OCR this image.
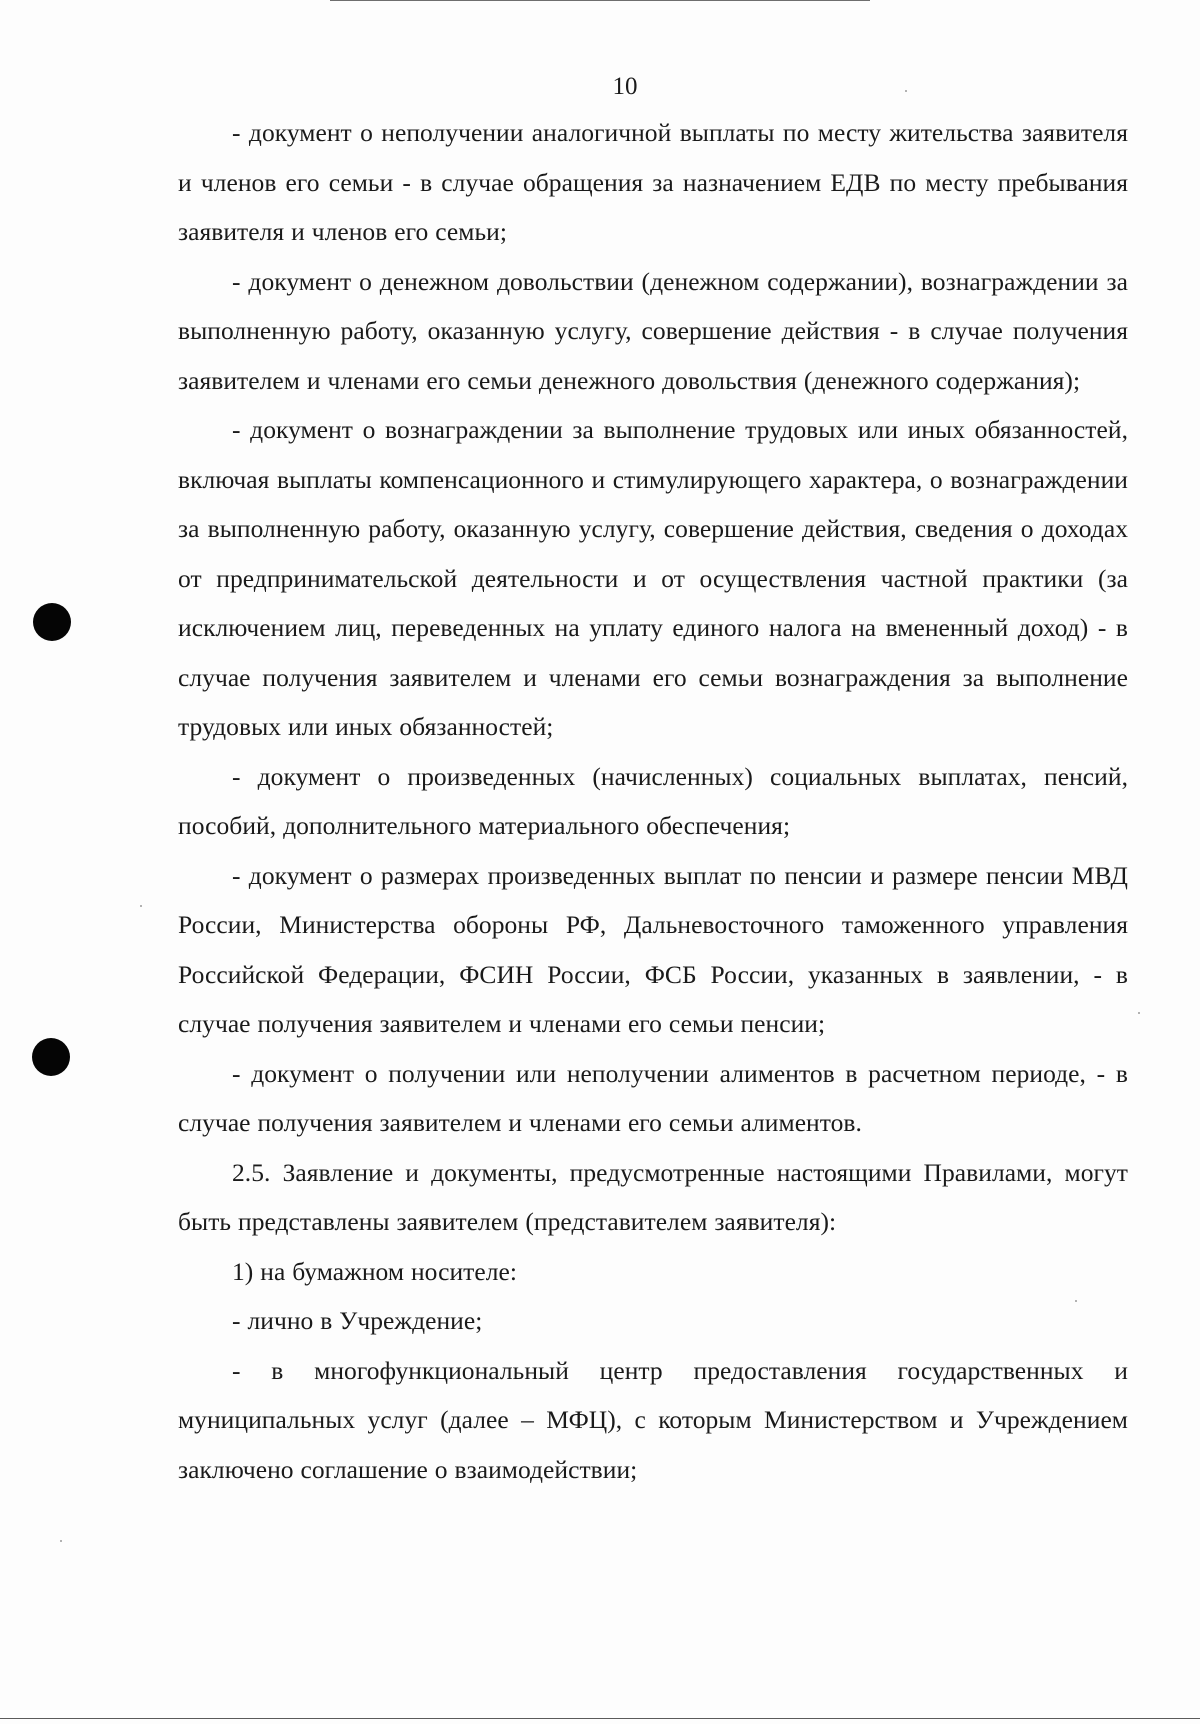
10

- документ о неполучении аналогичной выплаты по месту жительства заявителя и членов его семьи - в случае обращения за назначением ЕДВ по месту пребывания заявителя и членов его семьи;

- документ о денежном довольствии (денежном содержании), вознаграждении за выполненную работу, оказанную услугу, совершение действия - в случае получения заявителем и членами его семьи денежного довольствия (денежного содержания);

- документ о вознаграждении за выполнение трудовых или иных обязанностей, включая выплаты компенсационного и стимулирующего характера, о вознаграждении за выполненную работу, оказанную услугу, совершение действия, сведения о доходах от предпринимательской деятельности и от осуществления частной практики (за исключением лиц, переведенных на уплату единого налога на вмененный доход) - в случае получения заявителем и членами его семьи вознаграждения за выполнение трудовых или иных обязанностей;

- документ о произведенных (начисленных) социальных выплатах, пенсий, пособий, дополнительного материального обеспечения;

- документ о размерах произведенных выплат по пенсии и размере пенсии МВД России, Министерства обороны РФ, Дальневосточного таможенного управления Российской Федерации, ФСИН России, ФСБ России, указанных в заявлении, - в случае получения заявителем и членами его семьи пенсии;

- документ о получении или неполучении алиментов в расчетном периоде, - в случае получения заявителем и членами его семьи алиментов.

2.5. Заявление и документы, предусмотренные настоящими Правилами, могут быть представлены заявителем (представителем заявителя):

1) на бумажном носителе:

- лично в Учреждение;

- в многофункциональный центр предоставления государственных и муниципальных услуг (далее – МФЦ), с которым Министерством и Учреждением заключено соглашение о взаимодействии;
